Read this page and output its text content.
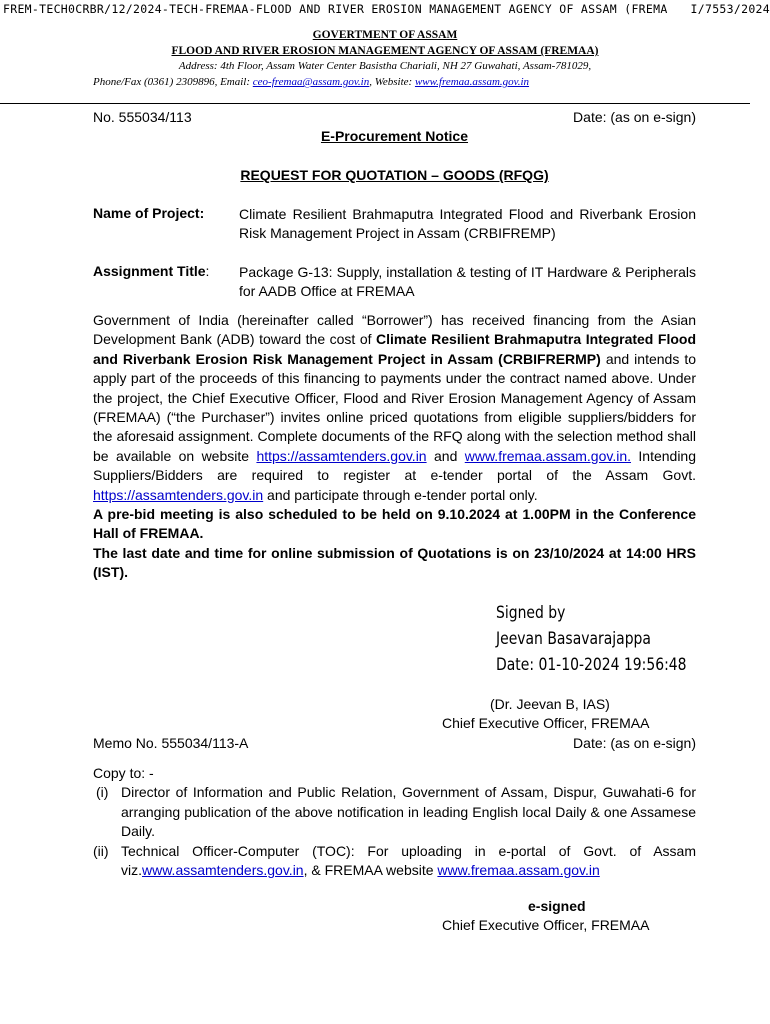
FREM-TECH0CRBR/12/2024-TECH-FREMAA-FLOOD AND RIVER EROSION MANAGEMENT AGENCY OF ASSAM (FREMA I/7553/2024
GOVERTMENT OF ASSAM
FLOOD AND RIVER EROSION MANAGEMENT AGENCY OF ASSAM (FREMAA)
Address: 4th Floor, Assam Water Center Basistha Chariali, NH 27 Guwahati, Assam-781029,
Phone/Fax (0361) 2309896, Email: ceo-fremaa@assam.gov.in, Website: www.fremaa.assam.gov.in
No. 555034/113	Date: (as on e-sign)
E-Procurement Notice
REQUEST FOR QUOTATION – GOODS (RFQG)
Name of Project:	Climate Resilient Brahmaputra Integrated Flood and Riverbank Erosion Risk Management Project in Assam (CRBIFREMP)
Assignment Title:	Package G-13: Supply, installation & testing of IT Hardware & Peripherals for AADB Office at FREMAA
Government of India (hereinafter called “Borrower”) has received financing from the Asian Development Bank (ADB) toward the cost of Climate Resilient Brahmaputra Integrated Flood and Riverbank Erosion Risk Management Project in Assam (CRBIFRERMP) and intends to apply part of the proceeds of this financing to payments under the contract named above. Under the project, the Chief Executive Officer, Flood and River Erosion Management Agency of Assam (FREMAA) (“the Purchaser”) invites online priced quotations from eligible suppliers/bidders for the aforesaid assignment. Complete documents of the RFQ along with the selection method shall be available on website https://assamtenders.gov.in and www.fremaa.assam.gov.in. Intending Suppliers/Bidders are required to register at e-tender portal of the Assam Govt. https://assamtenders.gov.in and participate through e-tender portal only.
A pre-bid meeting is also scheduled to be held on 9.10.2024 at 1.00PM in the Conference Hall of FREMAA.
The last date and time for online submission of Quotations is on 23/10/2024 at 14:00 HRS (IST).
Signed by
Jeevan Basavarajappa
Date: 01-10-2024 19:56:48
(Dr. Jeevan B, IAS)
Chief Executive Officer, FREMAA
Memo No. 555034/113-A	Date: (as on e-sign)
Copy to: -
(i) Director of Information and Public Relation, Government of Assam, Dispur, Guwahati-6 for arranging publication of the above notification in leading English local Daily & one Assamese Daily.
(ii) Technical Officer-Computer (TOC): For uploading in e-portal of Govt. of Assam viz.www.assamtenders.gov.in, & FREMAA website www.fremaa.assam.gov.in
e-signed
Chief Executive Officer, FREMAA
